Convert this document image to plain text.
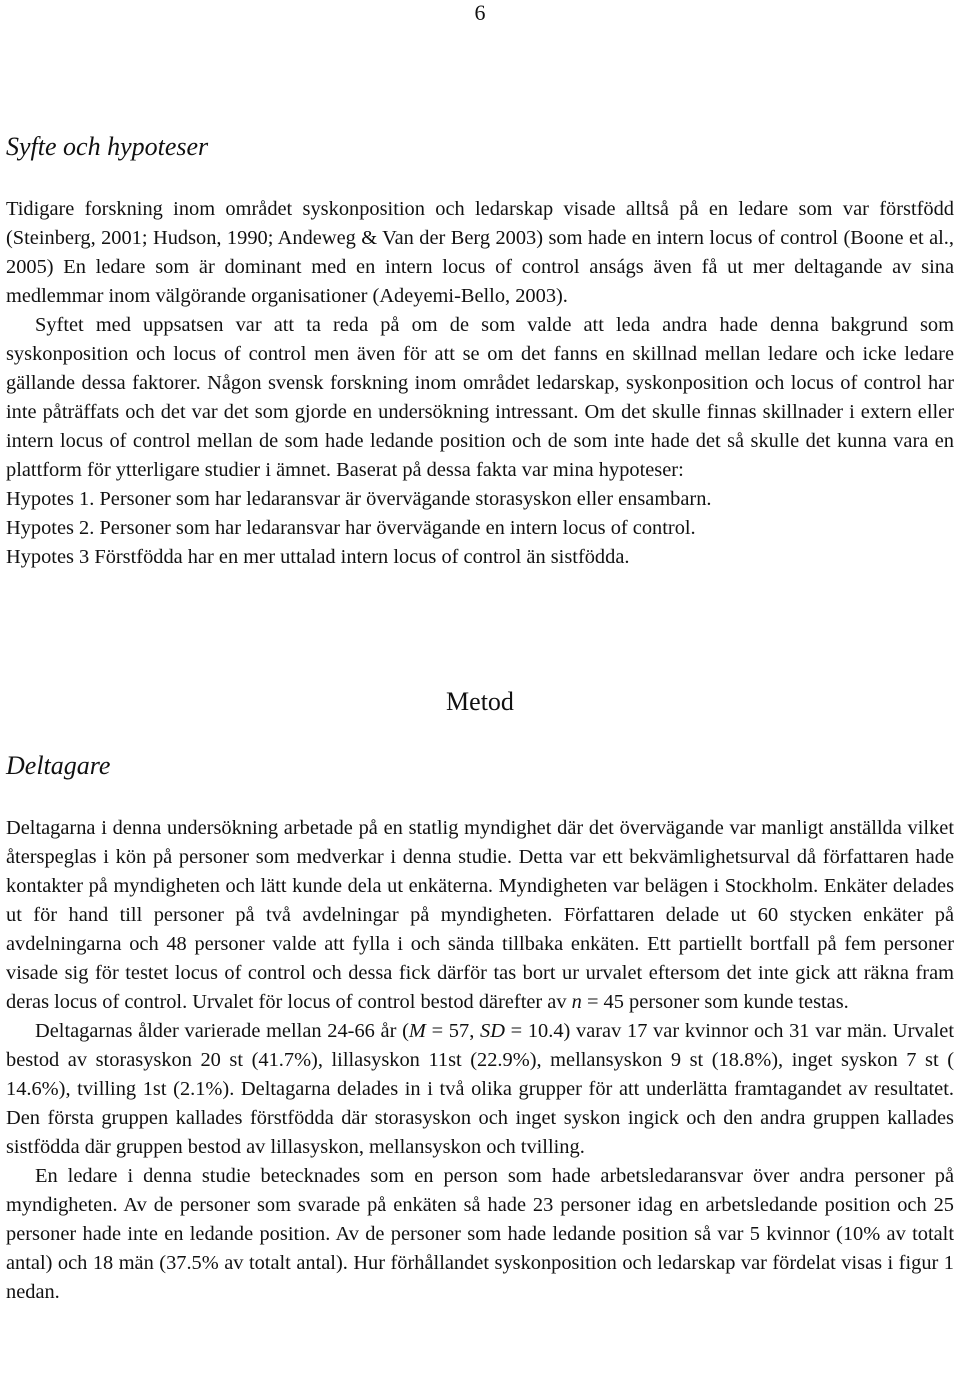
6
Syfte och hypoteser

Tidigare forskning inom området syskonposition och ledarskap visade alltså på en ledare som var förstfödd (Steinberg, 2001; Hudson, 1990; Andeweg & Van der Berg 2003) som hade en intern locus of control (Boone et al., 2005) En ledare som är dominant med en intern locus of control anságs även få ut mer deltagande av sina medlemmar inom välgörande organisationer (Adeyemi-Bello, 2003).

Syftet med uppsatsen var att ta reda på om de som valde att leda andra hade denna bakgrund som syskonposition och locus of control men även för att se om det fanns en skillnad mellan ledare och icke ledare gällande dessa faktorer. Någon svensk forskning inom området ledarskap, syskonposition och locus of control har inte påträffats och det var det som gjorde en undersökning intressant. Om det skulle finnas skillnader i extern eller intern locus of control mellan de som hade ledande position och de som inte hade det så skulle det kunna vara en plattform för ytterligare studier i ämnet. Baserat på dessa fakta var mina hypoteser:

Hypotes 1. Personer som har ledaransvar är övervägande storasyskon eller ensambarn.

Hypotes 2. Personer som har ledaransvar har övervägande en intern locus of control.

Hypotes 3 Förstfödda har en mer uttalad intern locus of control än sistfödda.

Metod
Deltagare

Deltagarna i denna undersökning arbetade på en statlig myndighet där det övervägande var manligt anställda vilket återspeglas i kön på personer som medverkar i denna studie. Detta var ett bekvämlighetsurval då författaren hade kontakter på myndigheten och lätt kunde dela ut enkäterna. Myndigheten var belägen i Stockholm. Enkäter delades ut för hand till personer på två avdelningar på myndigheten. Författaren delade ut 60 stycken enkäter på avdelningarna och 48 personer valde att fylla i och sända tillbaka enkäten. Ett partiellt bortfall på fem personer visade sig för testet locus of control och dessa fick därför tas bort ur urvalet eftersom det inte gick att räkna fram deras locus of control. Urvalet för locus of control bestod därefter av n = 45 personer som kunde testas.

Deltagarnas ålder varierade mellan 24-66 år (M = 57, SD = 10.4) varav 17 var kvinnor och 31 var män. Urvalet bestod av storasyskon 20 st (41.7%), lillasyskon 11st (22.9%), mellansyskon 9 st (18.8%), inget syskon 7 st ( 14.6%), tvilling 1st (2.1%). Deltagarna delades in i två olika grupper för att underlätta framtagandet av resultatet. Den första gruppen kallades förstfödda där storasyskon och inget syskon ingick och den andra gruppen kallades sistfödda där gruppen bestod av lillasyskon, mellansyskon och tvilling.

En ledare i denna studie betecknades som en person som hade arbetsledaransvar över andra personer på myndigheten. Av de personer som svarade på enkäten så hade 23 personer idag en arbetsledande position och 25 personer hade inte en ledande position. Av de personer som hade ledande position så var 5 kvinnor (10% av totalt antal) och 18 män (37.5% av totalt antal). Hur förhållandet syskonposition och ledarskap var fördelat visas i figur 1 nedan.
